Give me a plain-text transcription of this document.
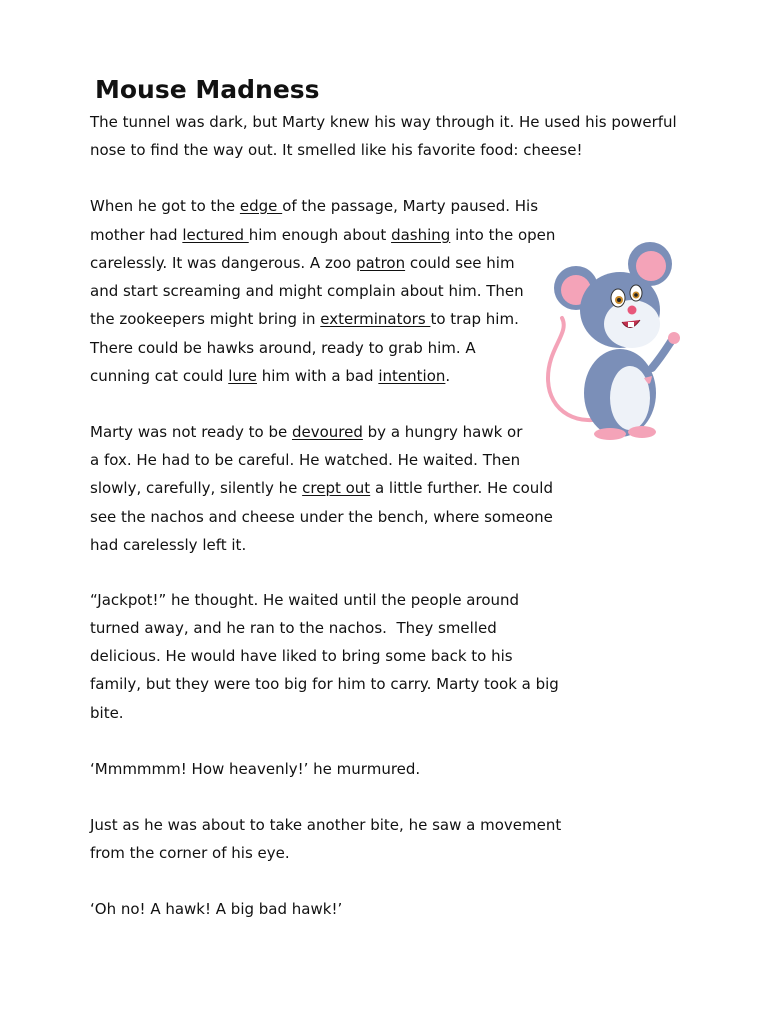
Mouse Madness
The tunnel was dark, but Marty knew his way through it. He used his powerful
nose to find the way out. It smelled like his favorite food: cheese!
When he got to the edge of the passage, Marty paused. His
mother had lectured him enough about dashing into the open
carelessly. It was dangerous. A zoo patron could see him
and start screaming and might complain about him. Then
the zookeepers might bring in exterminators to trap him.
There could be hawks around, ready to grab him. A
cunning cat could lure him with a bad intention.
Marty was not ready to be devoured by a hungry hawk or
a fox. He had to be careful. He watched. He waited. Then
slowly, carefully, silently he crept out a little further. He could
see the nachos and cheese under the bench, where someone
had carelessly left it.
“Jackpot!” he thought. He waited until the people around
turned away, and he ran to the nachos.  They smelled
delicious. He would have liked to bring some back to his
family, but they were too big for him to carry. Marty took a big
bite.
‘Mmmmmm! How heavenly!’ he murmured.
Just as he was about to take another bite, he saw a movement
from the corner of his eye.
‘Oh no! A hawk! A big bad hawk!’
